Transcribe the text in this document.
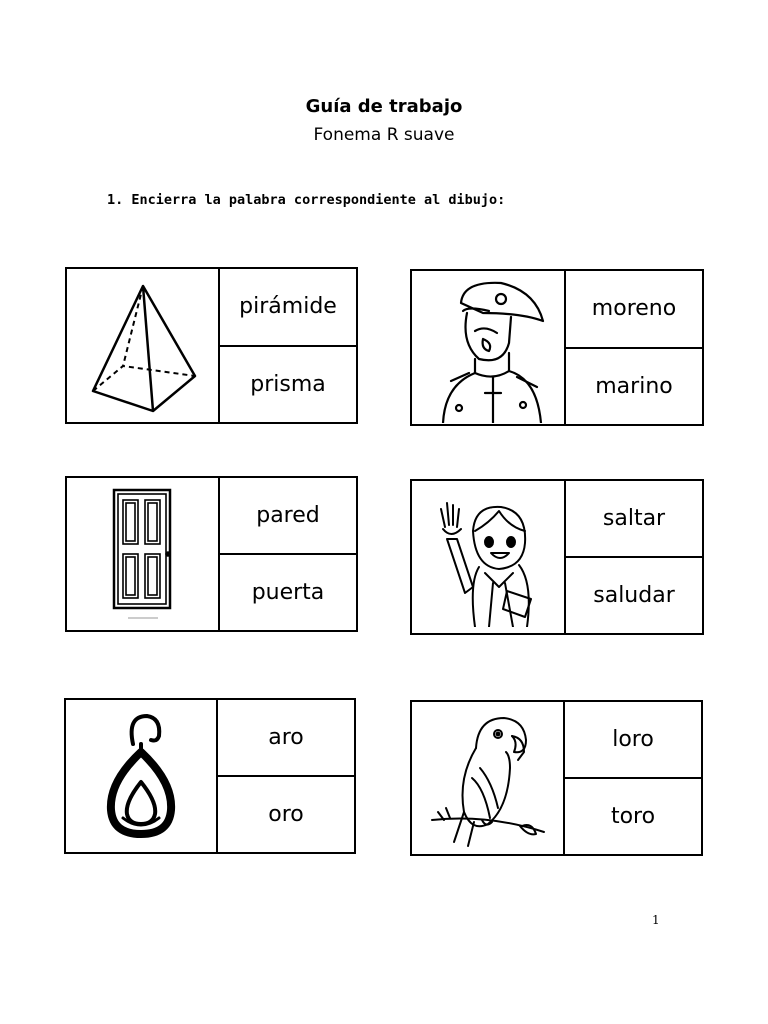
Guía de trabajo
Fonema R suave
1. Encierra la palabra correspondiente al dibujo:
pirámide
prisma
moreno
marino
pared
puerta
saltar
saludar
aro
oro
loro
toro
1
